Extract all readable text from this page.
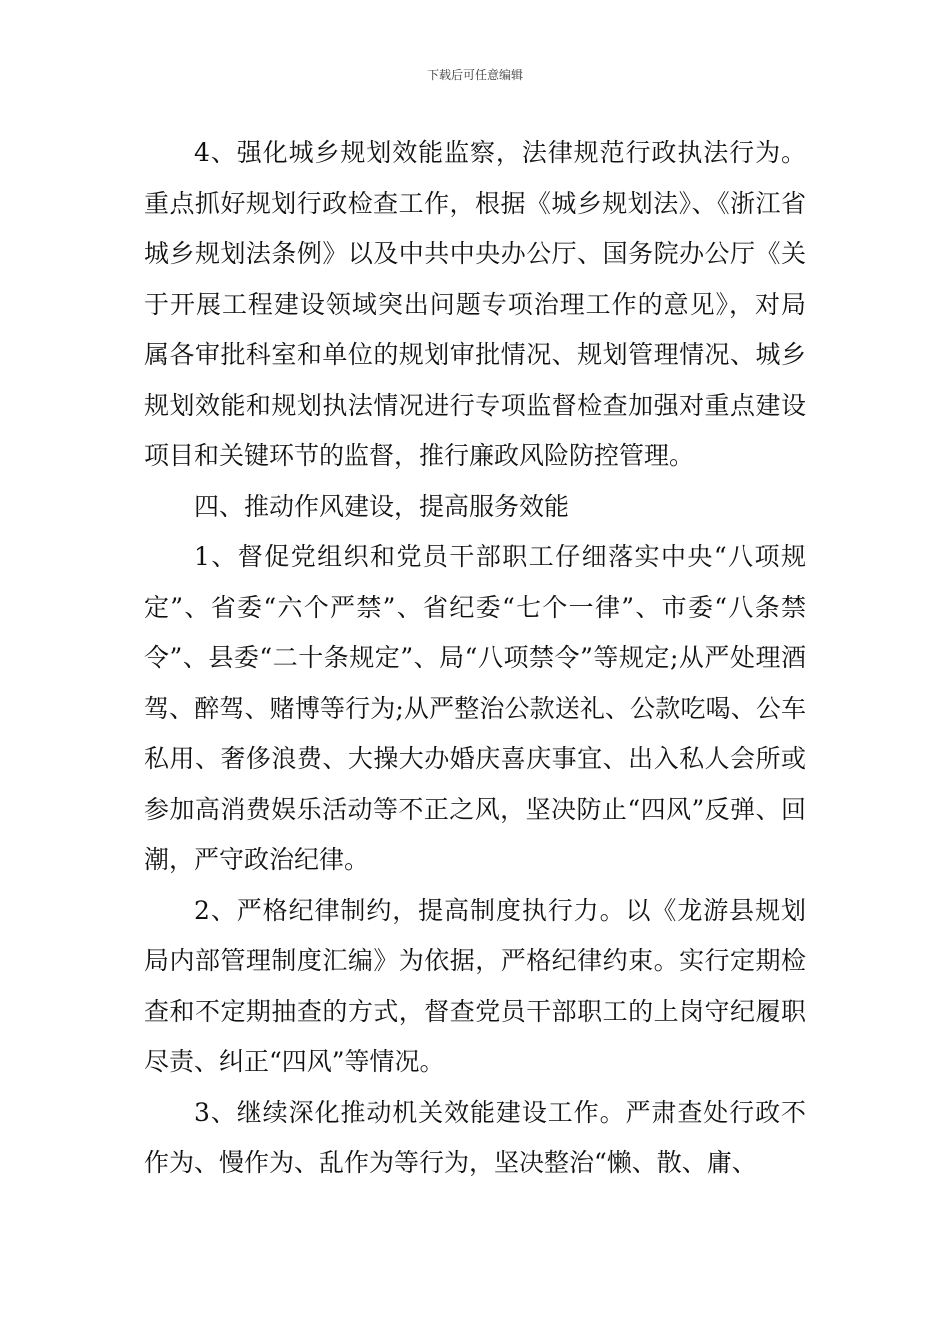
下载后可任意编辑

4、强化城乡规划效能监察，法律规范行政执法行为。重点抓好规划行政检查工作，根据《城乡规划法》、《浙江省城乡规划法条例》以及中共中央办公厅、国务院办公厅《关于开展工程建设领域突出问题专项治理工作的意见》，对局属各审批科室和单位的规划审批情况、规划管理情况、城乡规划效能和规划执法情况进行专项监督检查加强对重点建设项目和关键环节的监督，推行廉政风险防控管理。

四、推动作风建设，提高服务效能

1、督促党组织和党员干部职工仔细落实中央“八项规定”、省委“六个严禁”、省纪委“七个一律”、市委“八条禁令”、县委“二十条规定”、局“八项禁令”等规定;从严处理酒驾、醉驾、赌博等行为;从严整治公款送礼、公款吃喝、公车私用、奢侈浪费、大操大办婚庆喜庆事宜、出入私人会所或参加高消费娱乐活动等不正之风，坚决防止“四风”反弹、回潮，严守政治纪律。

2、严格纪律制约，提高制度执行力。以《龙游县规划局内部管理制度汇编》为依据，严格纪律约束。实行定期检查和不定期抽查的方式，督查党员干部职工的上岗守纪履职尽责、纠正“四风”等情况。

3、继续深化推动机关效能建设工作。严肃查处行政不作为、慢作为、乱作为等行为，坚决整治“懒、散、庸、
